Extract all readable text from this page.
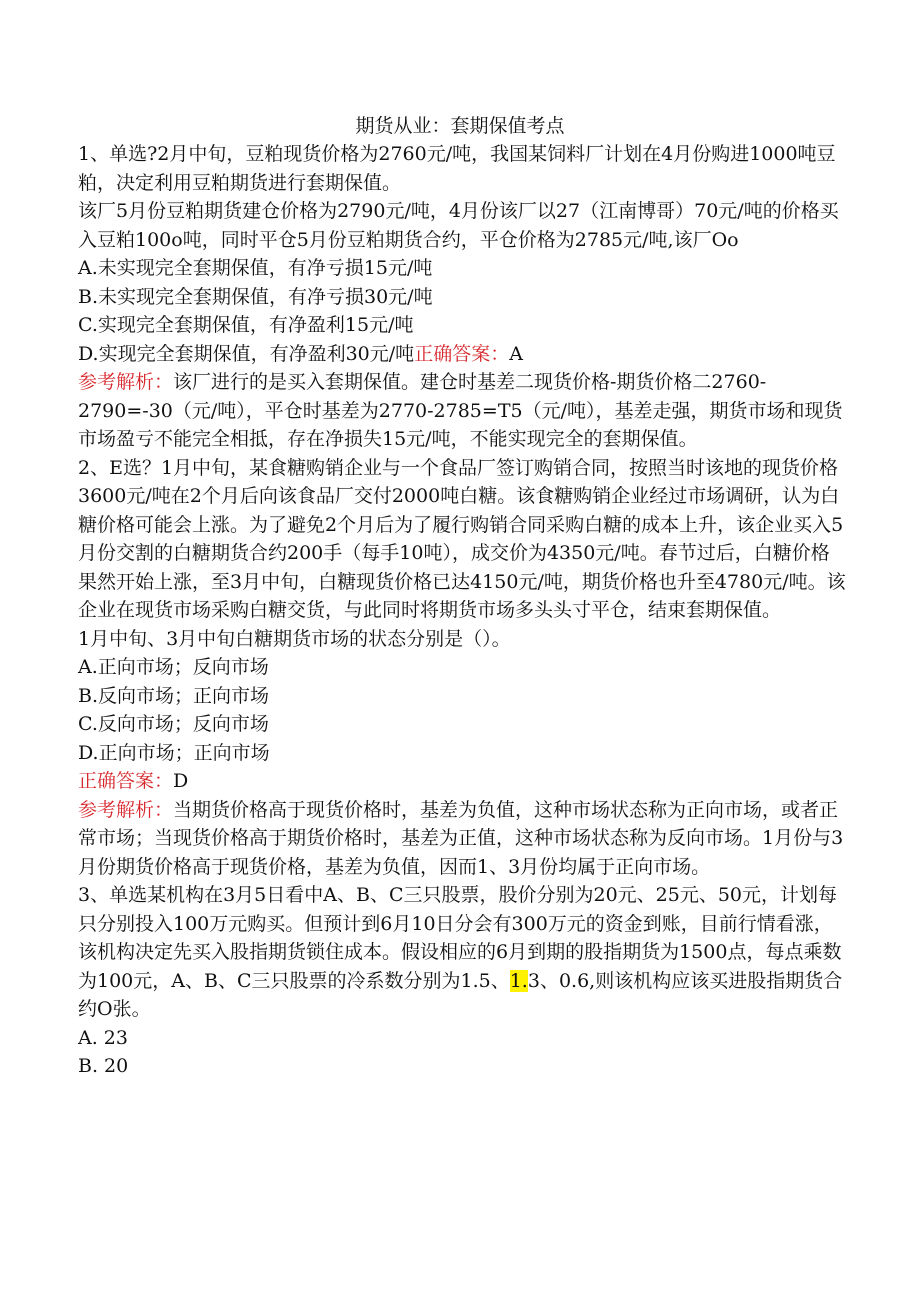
期货从业：套期保值考点

1、单选?2月中旬，豆粕现货价格为2760元/吨，我国某饲料厂计划在4月份购进1000吨豆粕，决定利用豆粕期货进行套期保值。

该厂5月份豆粕期货建仓价格为2790元/吨，4月份该厂以27（江南博哥）70元/吨的价格买入豆粕100o吨，同时平仓5月份豆粕期货合约，平仓价格为2785元/吨,该厂Oo

A.未实现完全套期保值，有净亏损15元/吨

B.未实现完全套期保值，有净亏损30元/吨

C.实现完全套期保值，有净盈利15元/吨

D.实现完全套期保值，有净盈利30元/吨正确答案：A

参考解析：该厂进行的是买入套期保值。建仓时基差二现货价格-期货价格二2760-2790=-30（元/吨），平仓时基差为2770-2785=T5（元/吨），基差走强，期货市场和现货市场盈亏不能完全相抵，存在净损失15元/吨，不能实现完全的套期保值。

2、E选？1月中旬，某食糖购销企业与一个食品厂签订购销合同，按照当时该地的现货价格3600元/吨在2个月后向该食品厂交付2000吨白糖。该食糖购销企业经过市场调研，认为白糖价格可能会上涨。为了避免2个月后为了履行购销合同采购白糖的成本上升，该企业买入5月份交割的白糖期货合约200手（每手10吨），成交价为4350元/吨。春节过后，白糖价格果然开始上涨，至3月中旬，白糖现货价格已达4150元/吨，期货价格也升至4780元/吨。该企业在现货市场采购白糖交货，与此同时将期货市场多头头寸平仓，结束套期保值。

1月中旬、3月中旬白糖期货市场的状态分别是（）。

A.正向市场；反向市场

B.反向市场；正向市场

C.反向市场；反向市场

D.正向市场；正向市场

正确答案：D

参考解析：当期货价格高于现货价格时，基差为负值，这种市场状态称为正向市场，或者正常市场；当现货价格高于期货价格时，基差为正值，这种市场状态称为反向市场。1月份与3月份期货价格高于现货价格，基差为负值，因而1、3月份均属于正向市场。

3、单选某机构在3月5日看中A、B、C三只股票，股价分别为20元、25元、50元，计划每只分别投入100万元购买。但预计到6月10日分会有300万元的资金到账，目前行情看涨，该机构决定先买入股指期货锁住成本。假设相应的6月到期的股指期货为1500点，每点乘数为100元，A、B、C三只股票的冷系数分别为1.5、1.3、0.6,则该机构应该买进股指期货合约O张。

A. 23

B. 20
